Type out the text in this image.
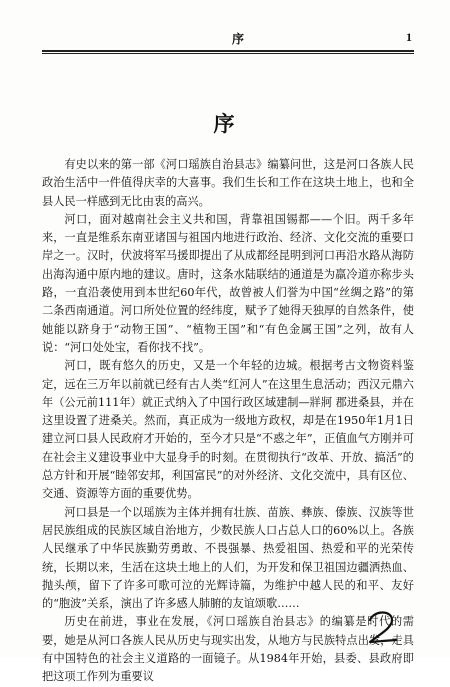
序	1
序

有史以来的第一部《河口瑶族自治县志》编纂问世，这是河口各族人民政治生活中一件值得庆幸的大喜事。我们生长和工作在这块土地上，也和全县人民一样感到无比由衷的高兴。

河口，面对越南社会主义共和国，背靠祖国锡都——个旧。两千多年来，一直是维系东南亚诸国与祖国内地进行政治、经济、文化交流的重要口岸之一。汉时，伏波将军马援即提出了从成都经昆明到河口再沿水路从海防出海沟通中原内地的建议。唐时，这条水陆联结的通道是为羸冷道亦称步头路，一直沿袭使用到本世纪60年代，故曾被人们誉为中国“丝绸之路”的第二条西南通道。河口所处位置的经纬度，赋予了她得天独厚的自然条件，使她能以跻身于“动物王国”、“植物王国”和“有色金属王国”之列，故有人说：“河口处处宝，看你找不找”。

河口，既有悠久的历史，又是一个年轻的边城。根据考古文物资料鉴定，远在三万年以前就已经有古人类“红河人”在这里生息活动；西汉元鼎六年（公元前111年）就正式纳入了中国行政区域建制—牂牁 郡进桑县，并在这里设置了进桑关。然而，真正成为一级地方政权，却是在1950年1月1日建立河口县人民政府才开始的，至今才只是“不惑之年”，正值血气方刚并可在社会主义建设事业中大显身手的时刻。在贯彻执行“改革、开放、搞活”的总方针和开展“睦邻安邦，利国富民”的对外经济、文化交流中，具有区位、交通、资源等方面的重要优势。

河口县是一个以瑶族为主体并拥有壮族、苗族、彝族、傣族、汉族等世居民族组成的民族区域自治地方，少数民族人口占总人口的60%以上。各族人民继承了中华民族勤劳勇敢、不畏强暴、热爱祖国、热爱和平的光荣传统，长期以来，生活在这块土地上的人们，为开发和保卫祖国边疆洒热血、抛头颅，留下了许多可歌可泣的光辉诗篇，为维护中越人民的和平、友好的“胞波”关系，演出了许多感人肺腑的友谊颂歌……

历史在前进，事业在发展，《河口瑶族自治县志》的编纂是时代的需要，她是从河口各族人民从历史与现实出发，从地方与民族特点出发，走具有中国特色的社会主义道路的一面镜子。从1984年开始，县委、县政府即把这项工作列为重要议
